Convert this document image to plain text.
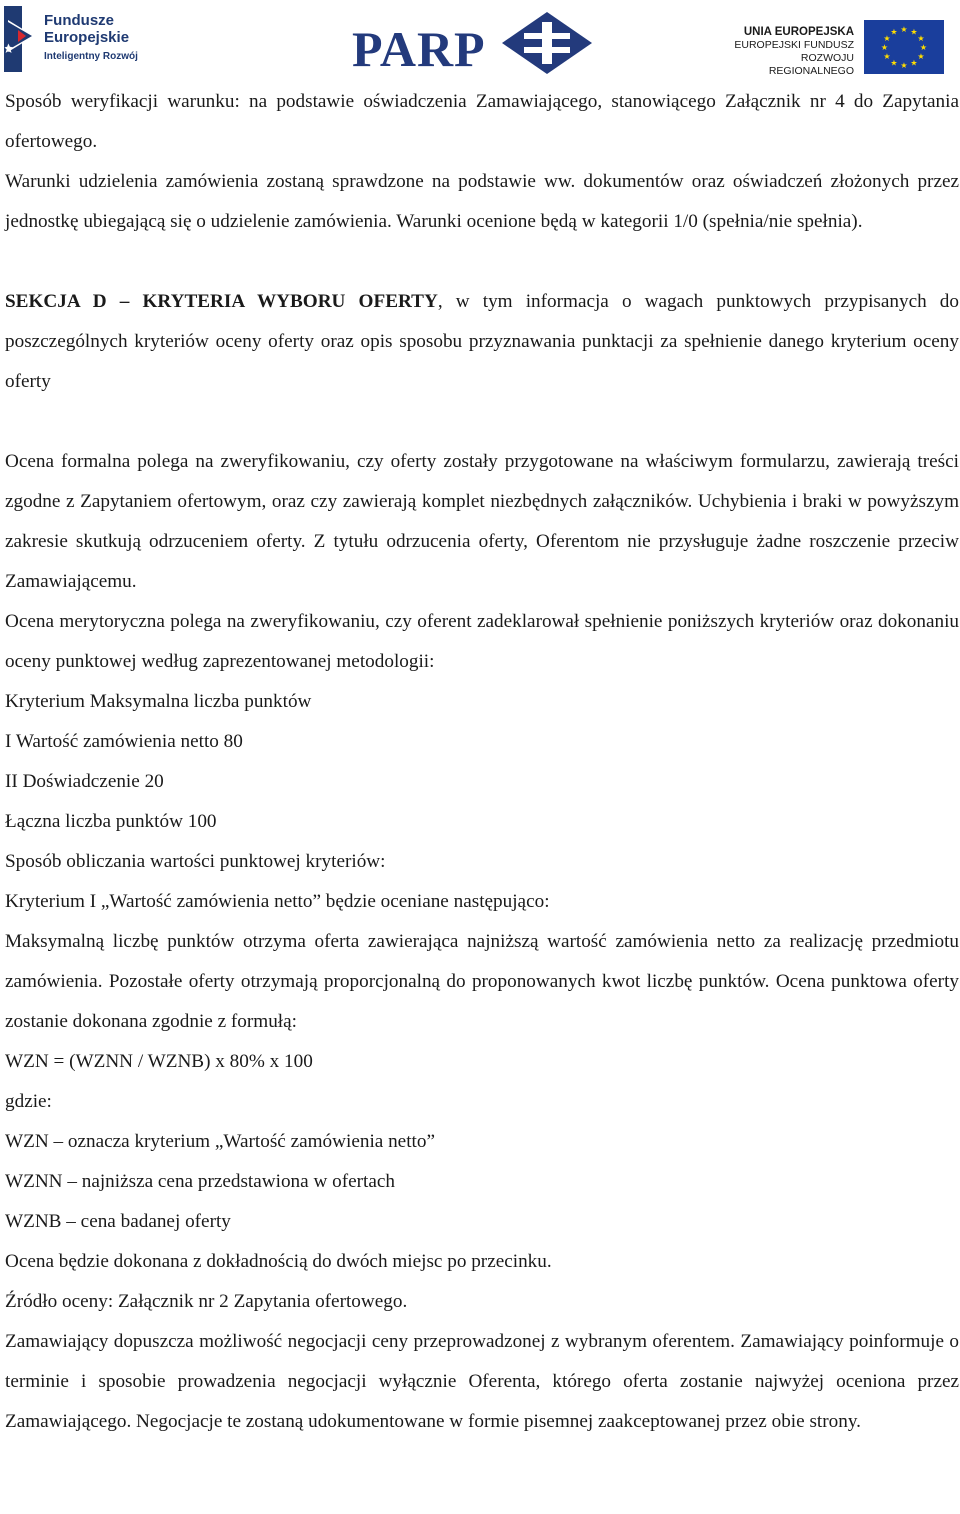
Fundusze
Europejskie
Inteligentny Rozwój	PARP	UNIA EUROPEJSKA
EUROPEJSKI FUNDUSZ
ROZWOJU REGIONALNEGO
★ ★
★
★
★
★
★
★
★
★
★
★

Sposób weryfikacji warunku: na podstawie oświadczenia Zamawiającego, stanowiącego Załącznik nr 4 do Zapytania ofertowego.

Warunki udzielenia zamówienia zostaną sprawdzone na podstawie ww. dokumentów oraz oświadczeń złożonych przez jednostkę ubiegającą się o udzielenie zamówienia. Warunki ocenione będą w kategorii 1/0 (spełnia/nie spełnia).

SEKCJA D – KRYTERIA WYBORU OFERTY, w tym informacja o wagach punktowych przypisanych do poszczególnych kryteriów oceny oferty oraz opis sposobu przyznawania punktacji za spełnienie danego kryterium oceny oferty

Ocena formalna polega na zweryfikowaniu, czy oferty zostały przygotowane na właściwym formularzu, zawierają treści zgodne z Zapytaniem ofertowym, oraz czy zawierają komplet niezbędnych załączników. Uchybienia i braki w powyższym zakresie skutkują odrzuceniem oferty. Z tytułu odrzucenia oferty, Oferentom nie przysługuje żadne roszczenie przeciw Zamawiającemu.

Ocena merytoryczna polega na zweryfikowaniu, czy oferent zadeklarował spełnienie poniższych kryteriów oraz dokonaniu oceny punktowej według zaprezentowanej metodologii:

Kryterium Maksymalna liczba punktów

I Wartość zamówienia netto 80

II Doświadczenie 20

Łączna liczba punktów 100

Sposób obliczania wartości punktowej kryteriów:

Kryterium I „Wartość zamówienia netto” będzie oceniane następująco:

Maksymalną liczbę punktów otrzyma oferta zawierająca najniższą wartość zamówienia netto za realizację przedmiotu zamówienia. Pozostałe oferty otrzymają proporcjonalną do proponowanych kwot liczbę punktów. Ocena punktowa oferty zostanie dokonana zgodnie z formułą:

WZN = (WZNN / WZNB) x 80% x 100

gdzie:

WZN – oznacza kryterium „Wartość zamówienia netto”

WZNN – najniższa cena przedstawiona w ofertach

WZNB – cena badanej oferty

Ocena będzie dokonana z dokładnością do dwóch miejsc po przecinku.

Źródło oceny: Załącznik nr 2 Zapytania ofertowego.

Zamawiający dopuszcza możliwość negocjacji ceny przeprowadzonej z wybranym oferentem. Zamawiający poinformuje o terminie i sposobie prowadzenia negocjacji wyłącznie Oferenta, którego oferta zostanie najwyżej oceniona przez Zamawiającego. Negocjacje te zostaną udokumentowane w formie pisemnej zaakceptowanej przez obie strony.
